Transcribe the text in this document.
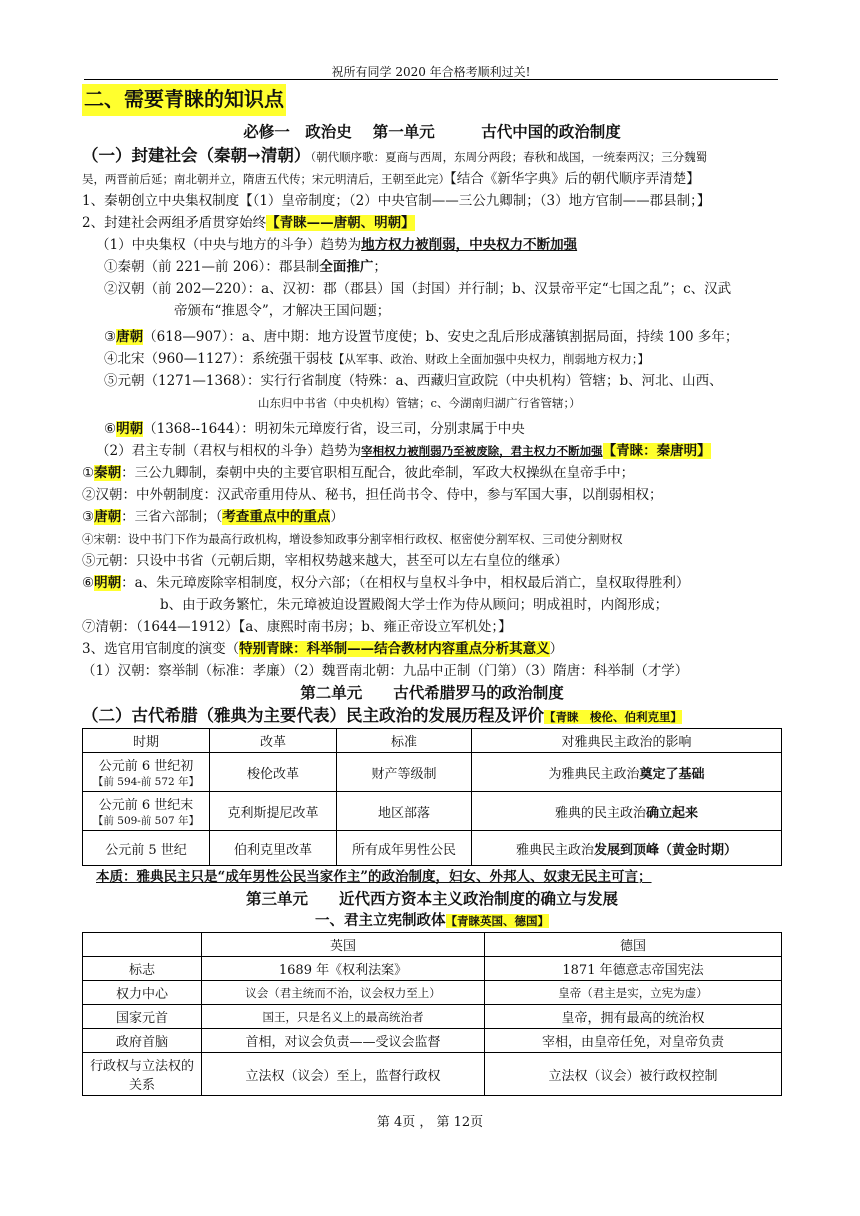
祝所有同学 2020 年合格考顺利过关!
二、需要青睐的知识点
必修一　政治史　 第一单元　　　古代中国的政治制度
（一）封建社会（秦朝→清朝）（朝代顺序歌：夏商与西周，东周分两段；春秋和战国，一统秦两汉；三分魏蜀
吴，两晋前后延；南北朝并立，隋唐五代传；宋元明清后，王朝至此完）【结合《新华字典》后的朝代顺序弄清楚】
1、秦朝创立中央集权制度【（1）皇帝制度；（2）中央官制——三公九卿制；（3）地方官制——郡县制；】
2、封建社会两组矛盾贯穿始终【青睐——唐朝、明朝】
（1）中央集权（中央与地方的斗争）趋势为地方权力被削弱，中央权力不断加强
①秦朝（前 221—前 206）：郡县制全面推广；
②汉朝（前 202—220）：a、汉初：郡（郡县）国（封国）并行制；b、汉景帝平定“七国之乱”；c、汉武
帝颁布“推恩令”，才解决王国问题；
③唐朝（618—907）：a、唐中期：地方设置节度使；b、安史之乱后形成藩镇割据局面，持续 100 多年；
④北宋（960—1127）：系统强干弱枝【从军事、政治、财政上全面加强中央权力，削弱地方权力；】
⑤元朝（1271—1368）：实行行省制度（特殊：a、西藏归宣政院（中央机构）管辖；b、河北、山西、
山东归中书省（中央机构）管辖；c、今湖南归湖广行省管辖；）
⑥明朝（1368--1644）：明初朱元璋废行省，设三司，分别隶属于中央
（2）君主专制（君权与相权的斗争）趋势为宰相权力被削弱乃至被废除，君主权力不断加强【青睐：秦唐明】
①秦朝：三公九卿制，秦朝中央的主要官职相互配合，彼此牵制，军政大权操纵在皇帝手中；
②汉朝：中外朝制度：汉武帝重用侍从、秘书，担任尚书令、侍中，参与军国大事，以削弱相权；
③唐朝：三省六部制；（考查重点中的重点）
④宋朝：设中书门下作为最高行政机构，增设参知政事分割宰相行政权、枢密使分割军权、三司使分割财权
⑤元朝：只设中书省（元朝后期，宰相权势越来越大，甚至可以左右皇位的继承）
⑥明朝：a、朱元璋废除宰相制度，权分六部；（在相权与皇权斗争中，相权最后消亡，皇权取得胜利）
b、由于政务繁忙，朱元璋被迫设置殿阁大学士作为侍从顾问；明成祖时，内阁形成；
⑦清朝：（1644—1912）【a、康熙时南书房；b、雍正帝设立军机处；】
3、选官用官制度的演变（特别青睐：科举制——结合教材内容重点分析其意义）
（1）汉朝：察举制（标准：孝廉）（2）魏晋南北朝：九品中正制（门第）（3）隋唐：科举制（才学）
第二单元　　古代希腊罗马的政治制度
（二）古代希腊（雅典为主要代表）民主政治的发展历程及评价【青睐　梭伦、伯利克里】
时期	改革	标准	对雅典民主政治的影响

公元前 6 世纪初
【前 594-前 572 年】	梭伦改革	财产等级制	为雅典民主政治奠定了基础

公元前 6 世纪末
【前 509-前 507 年】	克利斯提尼改革	地区部落	雅典的民主政治确立起来
公元前 5 世纪	伯利克里改革	所有成年男性公民	雅典民主政治发展到顶峰（黄金时期）
本质：雅典民主只是“成年男性公民当家作主”的政治制度，妇女、外邦人、奴隶无民主可言；
第三单元　　近代西方资本主义政治制度的确立与发展
一、君主立宪制政体【青睐英国、德国】
	英国	德国
标志	1689 年《权利法案》	1871 年德意志帝国宪法
权力中心	议会（君主统而不治，议会权力至上）	皇帝（君主是实，立宪为虚）
国家元首	国王，只是名义上的最高统治者	皇帝，拥有最高的统治权
政府首脑	首相，对议会负责——受议会监督	宰相，由皇帝任免，对皇帝负责
行政权与立法权的关系	立法权（议会）至上，监督行政权	立法权（议会）被行政权控制
第 4页 ， 第 12页
